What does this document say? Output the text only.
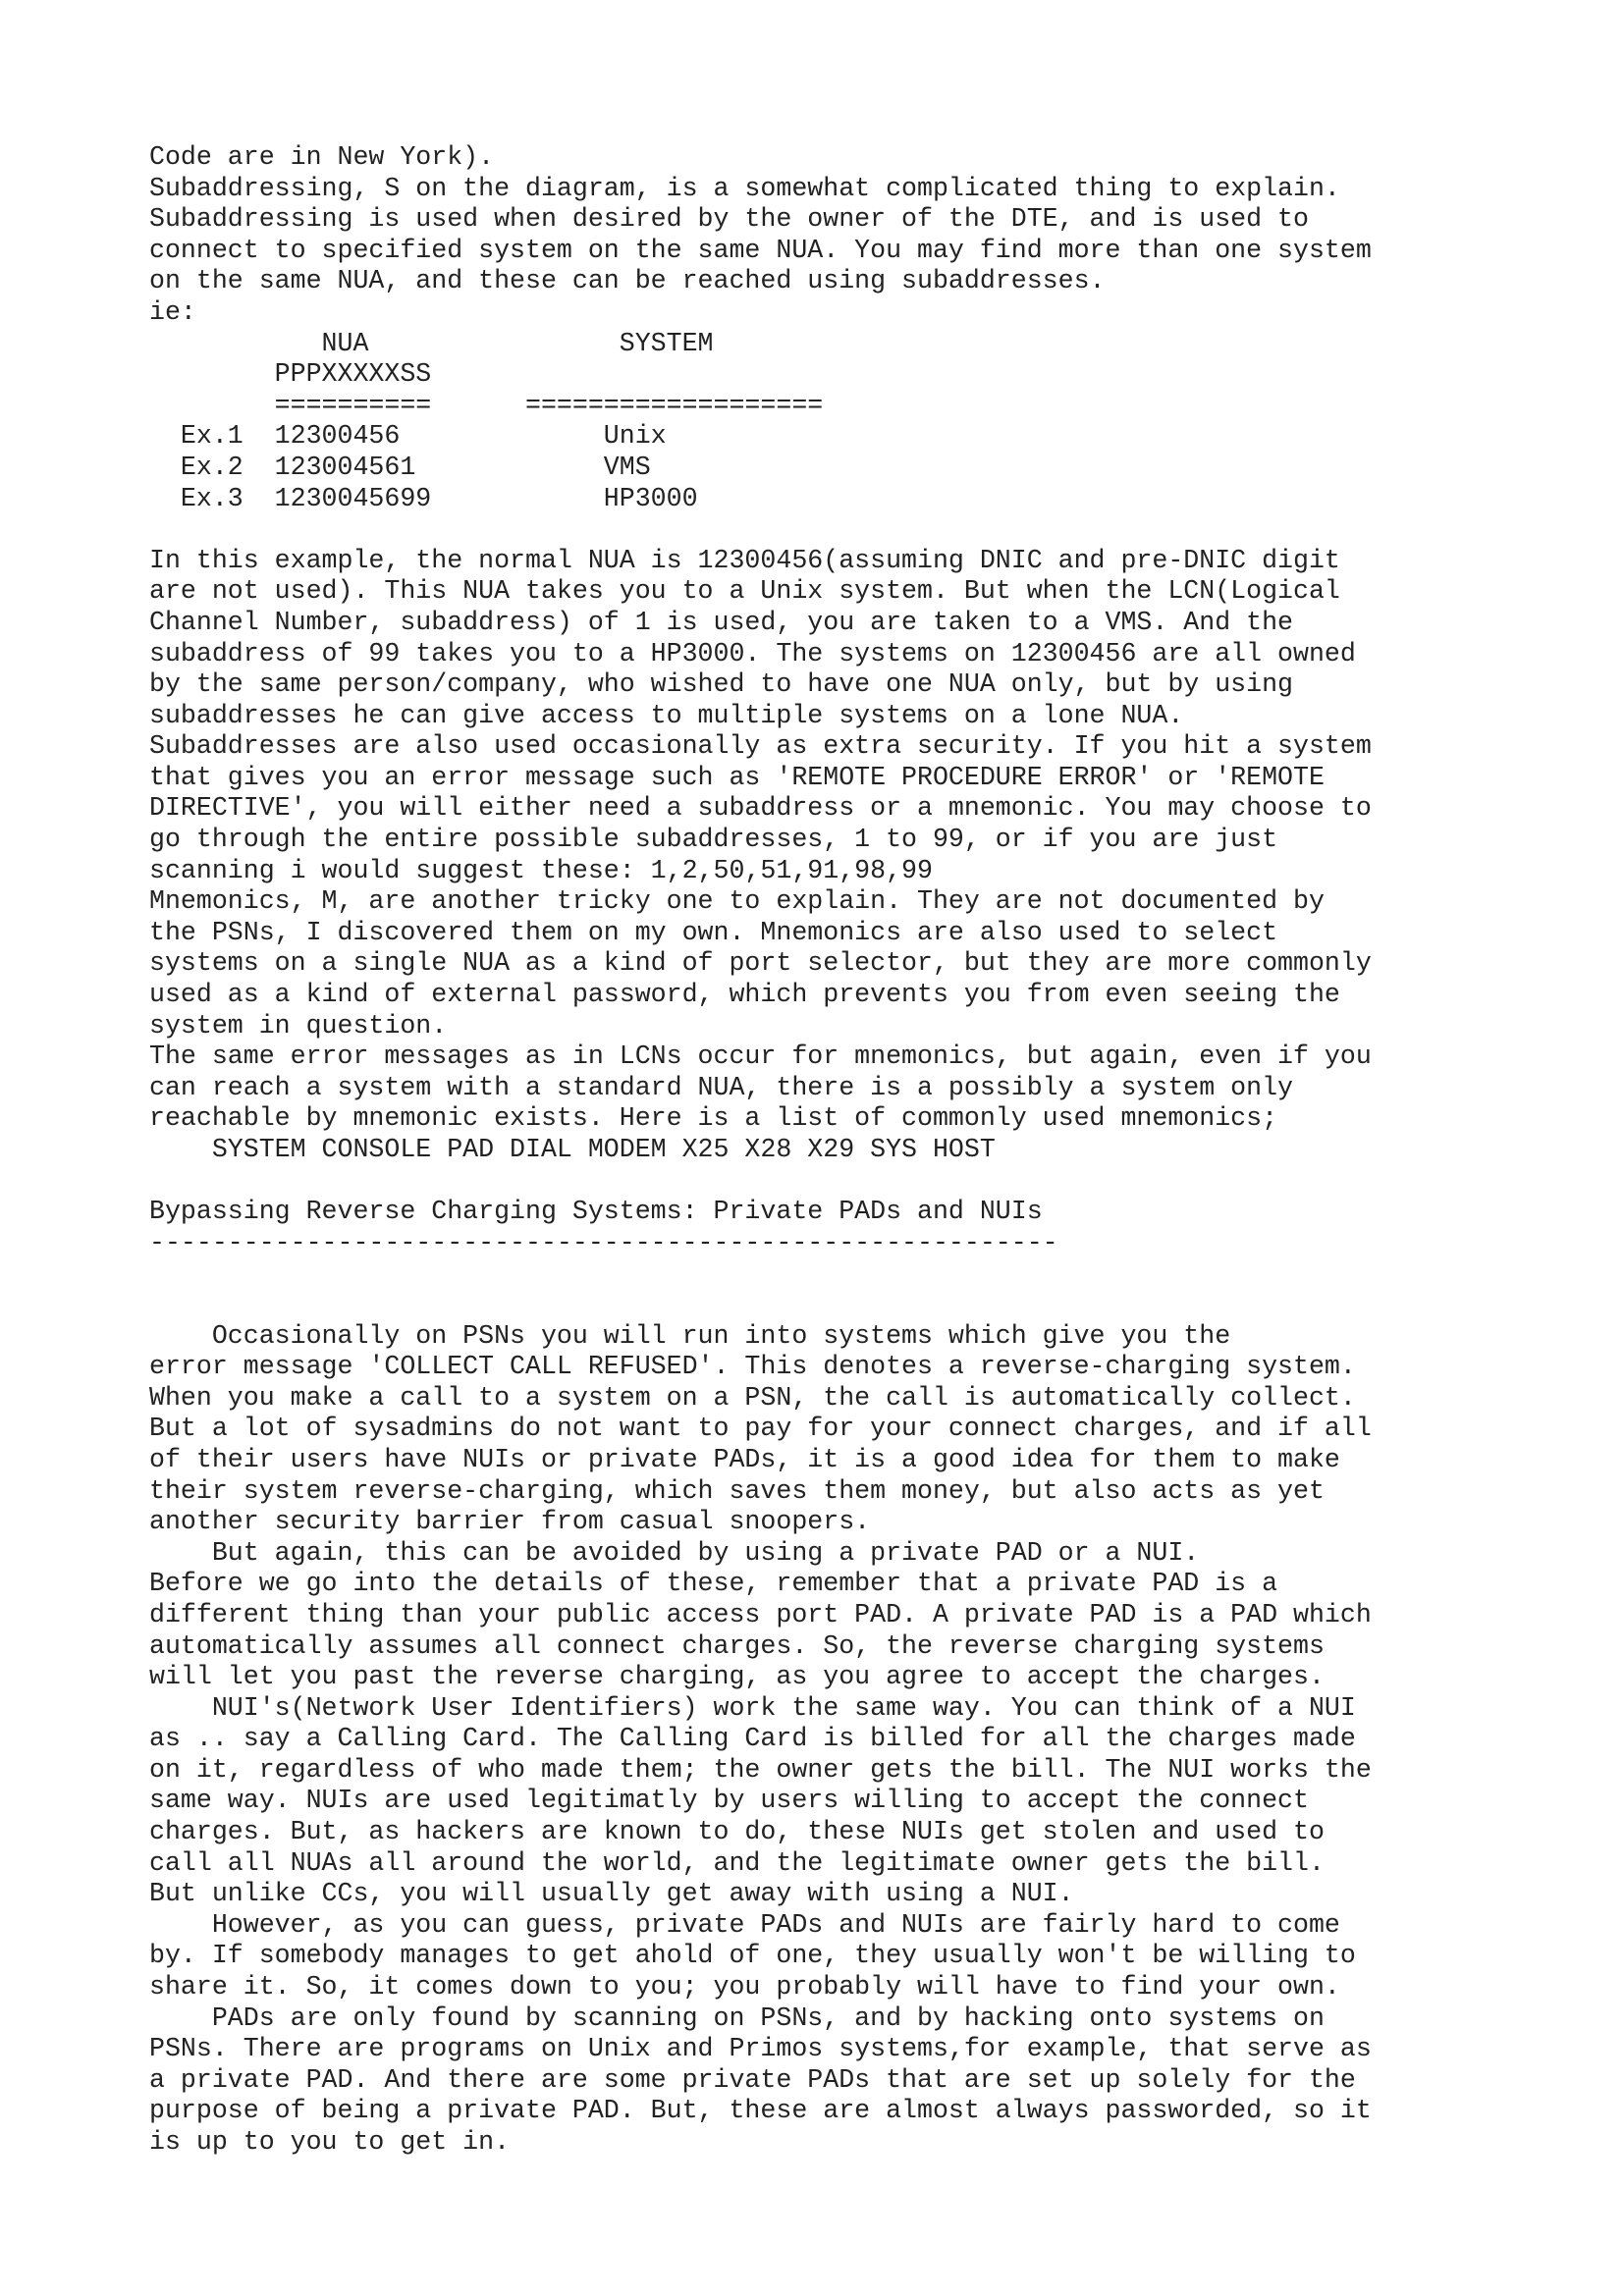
Code are in New York).
Subaddressing, S on the diagram, is a somewhat complicated thing to explain.
Subaddressing is used when desired by the owner of the DTE, and is used to
connect to specified system on the same NUA. You may find more than one system
on the same NUA, and these can be reached using subaddresses.
ie:
NUA                SYSTEM
PPPXXXXXSS
==========      ===================
Ex.1  12300456             Unix
Ex.2  123004561            VMS
Ex.3  1230045699           HP3000

In this example, the normal NUA is 12300456(assuming DNIC and pre-DNIC digit
are not used). This NUA takes you to a Unix system. But when the LCN(Logical
Channel Number, subaddress) of 1 is used, you are taken to a VMS. And the
subaddress of 99 takes you to a HP3000. The systems on 12300456 are all owned
by the same person/company, who wished to have one NUA only, but by using
subaddresses he can give access to multiple systems on a lone NUA.
Subaddresses are also used occasionally as extra security. If you hit a system
that gives you an error message such as 'REMOTE PROCEDURE ERROR' or 'REMOTE
DIRECTIVE', you will either need a subaddress or a mnemonic. You may choose to
go through the entire possible subaddresses, 1 to 99, or if you are just
scanning i would suggest these: 1,2,50,51,91,98,99
Mnemonics, M, are another tricky one to explain. They are not documented by
the PSNs, I discovered them on my own. Mnemonics are also used to select
systems on a single NUA as a kind of port selector, but they are more commonly
used as a kind of external password, which prevents you from even seeing the
system in question.
The same error messages as in LCNs occur for mnemonics, but again, even if you
can reach a system with a standard NUA, there is a possibly a system only
reachable by mnemonic exists. Here is a list of commonly used mnemonics;
SYSTEM CONSOLE PAD DIAL MODEM X25 X28 X29 SYS HOST

Bypassing Reverse Charging Systems: Private PADs and NUIs
----------------------------------------------------------

Occasionally on PSNs you will run into systems which give you the
error message 'COLLECT CALL REFUSED'. This denotes a reverse-charging system.
When you make a call to a system on a PSN, the call is automatically collect.
But a lot of sysadmins do not want to pay for your connect charges, and if all
of their users have NUIs or private PADs, it is a good idea for them to make
their system reverse-charging, which saves them money, but also acts as yet
another security barrier from casual snoopers.
But again, this can be avoided by using a private PAD or a NUI.
Before we go into the details of these, remember that a private PAD is a
different thing than your public access port PAD. A private PAD is a PAD which
automatically assumes all connect charges. So, the reverse charging systems
will let you past the reverse charging, as you agree to accept the charges.
NUI's(Network User Identifiers) work the same way. You can think of a NUI
as .. say a Calling Card. The Calling Card is billed for all the charges made
on it, regardless of who made them; the owner gets the bill. The NUI works the
same way. NUIs are used legitimatly by users willing to accept the connect
charges. But, as hackers are known to do, these NUIs get stolen and used to
call all NUAs all around the world, and the legitimate owner gets the bill.
But unlike CCs, you will usually get away with using a NUI.
However, as you can guess, private PADs and NUIs are fairly hard to come
by. If somebody manages to get ahold of one, they usually won't be willing to
share it. So, it comes down to you; you probably will have to find your own.
PADs are only found by scanning on PSNs, and by hacking onto systems on
PSNs. There are programs on Unix and Primos systems,for example, that serve as
a private PAD. And there are some private PADs that are set up solely for the
purpose of being a private PAD. But, these are almost always passworded, so it
is up to you to get in.
